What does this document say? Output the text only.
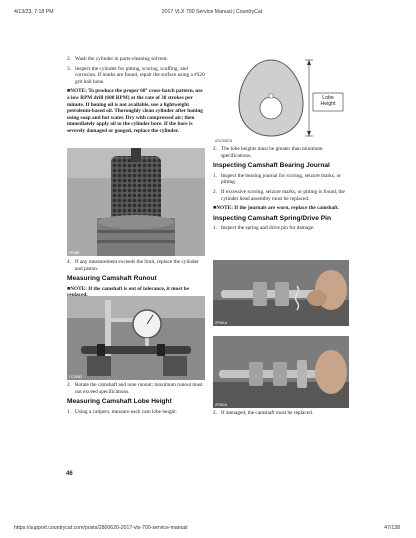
4/13/23, 7:18 PM	2017 VLX 700 Service Manual | CountryCat

2. Wash the cylinder in parts-cleaning solvent.

3. Inspect the cylinder for pitting, scoring, scuffing, and corrosion. If marks are found, repair the surface using a #320 grit ball hone.

■NOTE: To produce the proper 60° cross-hatch pattern, use a low RPM drill (600 RPM) at the rate of 30 strokes per minute. If honing oil is not available, use a lightweight petroleum-based oil. Thoroughly clean cylinder after honing using soap and hot water. Dry with compressed air; then immediately apply oil to the cylinder bore. If the bore is severely damaged or gouged, replace the cylinder.

PR388

4. If any measurement exceeds the limit, replace the cylinder and piston.

Measuring Camshaft Runout

■NOTE: If the camshaft is out of tolerance, it must be

CC283D

2. Rotate the camshaft and note runout; maximum runout must not exceed specifications.

Measuring Camshaft Lobe Height

1. Using a calipers, measure each cam lobe height.

Lobe Height
ATV-0057A

2. The lobe heights must be greater than minimum specifications.

Inspecting Camshaft Bearing Journal

1. Inspect the bearing journal for scoring, seizure marks, or pitting.

2. If excessive scoring, seizure marks, or pitting is found, the cylinder head assembly must be replaced.

■NOTE: If the journals are worn, replace the camshaft.

Inspecting Camshaft Spring/Drive Pin

1. Inspect the spring and drive pin for damage.

ZF061A
ZF062A

2. If damaged, the camshaft must be replaced.

46
https://support.countrycat.com/posts/2800620-2017-vlx-700-service-manual	47/138
